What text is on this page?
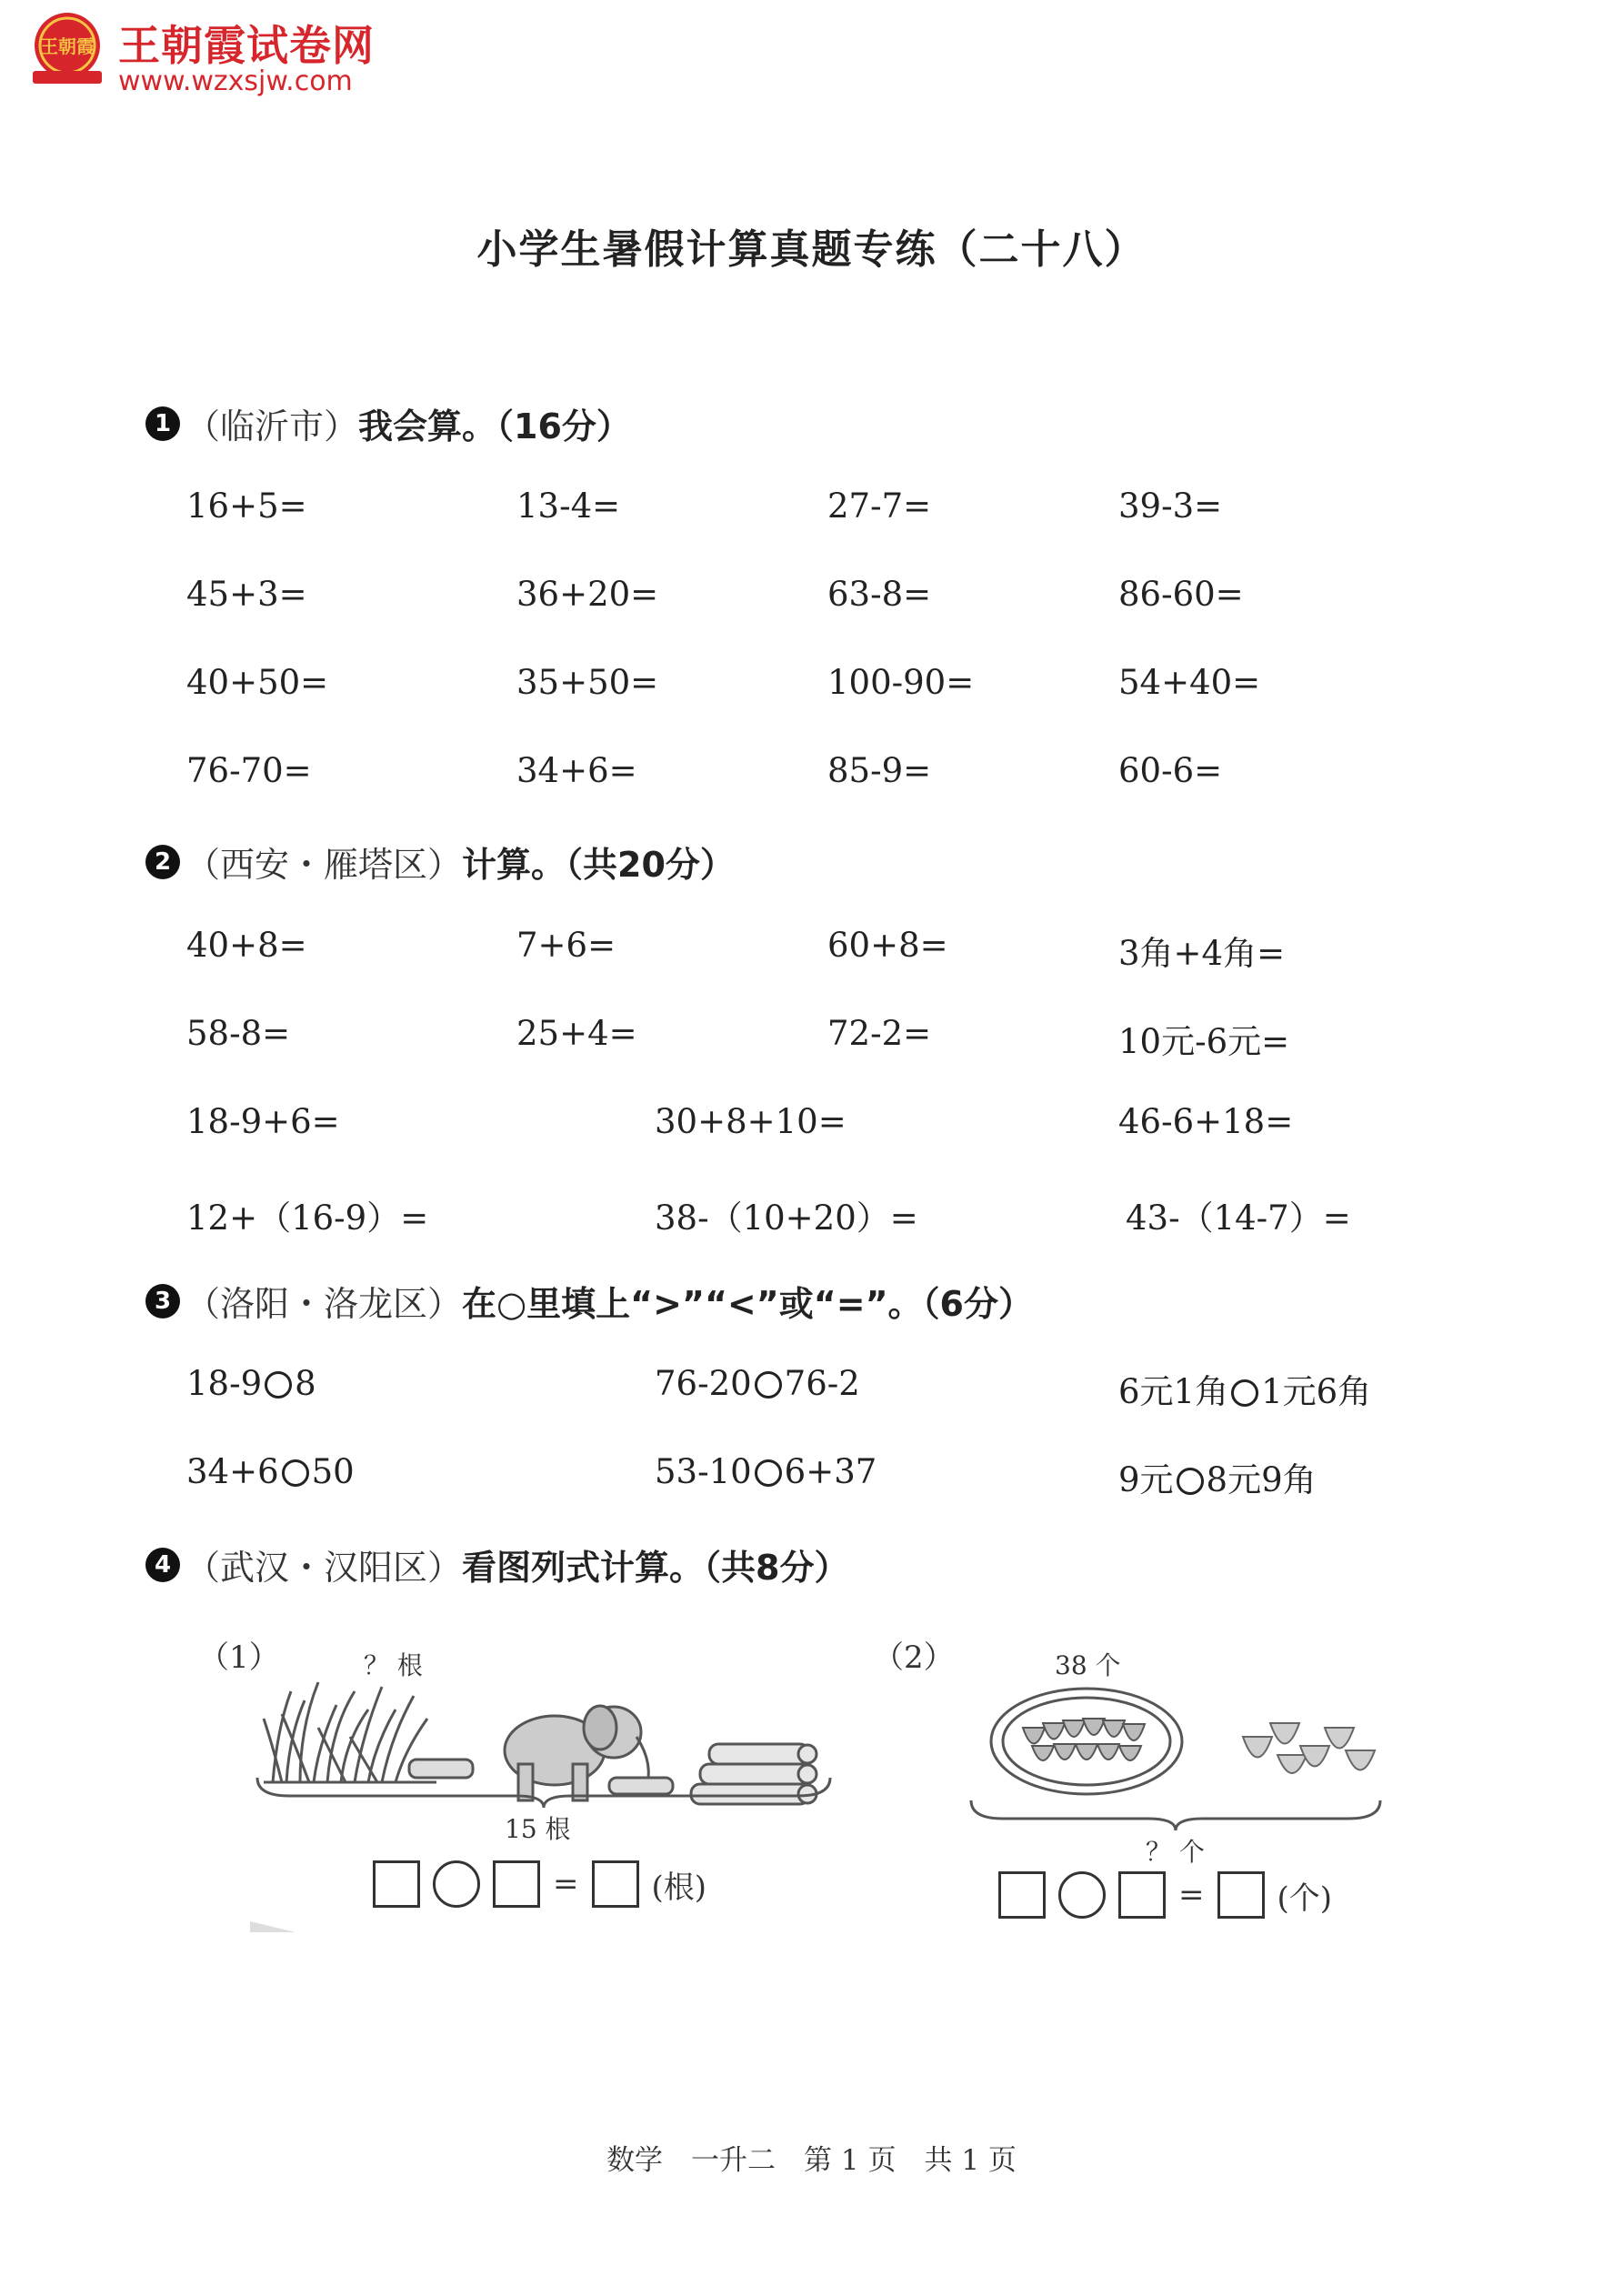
王朝霞 王朝霞试卷网
www.wzxsjw.com
小学生暑假计算真题专练（二十八）
1 （临沂市） 我会算。（16分）
16+5=	13-4=	27-7=	39-3=
45+3=	36+20=	63-8=	86-60=
40+50=	35+50=	100-90=	54+40=
76-70=	34+6=	85-9=	60-6=
2 （西安・雁塔区） 计算。（共20分）
40+8=	7+6=	60+8=	3角+4角=
58-8=	25+4=	72-2=	10元-6元=
18-9+6=	30+8+10=	46-6+18=
12+（16-9）=	38-（10+20）=	43-（14-7）=
3 （洛阳・洛龙区） 在○里填上“>”“<”或“=”。（6分）
18-9 8	76-20 76-2	6元1角 1元6角
34+6 50	53-10 6+37	9元 8元9角
4 （武汉・汉阳区） 看图列式计算。（共8分）
（1）	？ 根
15 根
= (根)
（2）	38 个
？ 个
= (个)
数学　一升二　第 1 页　共 1 页
